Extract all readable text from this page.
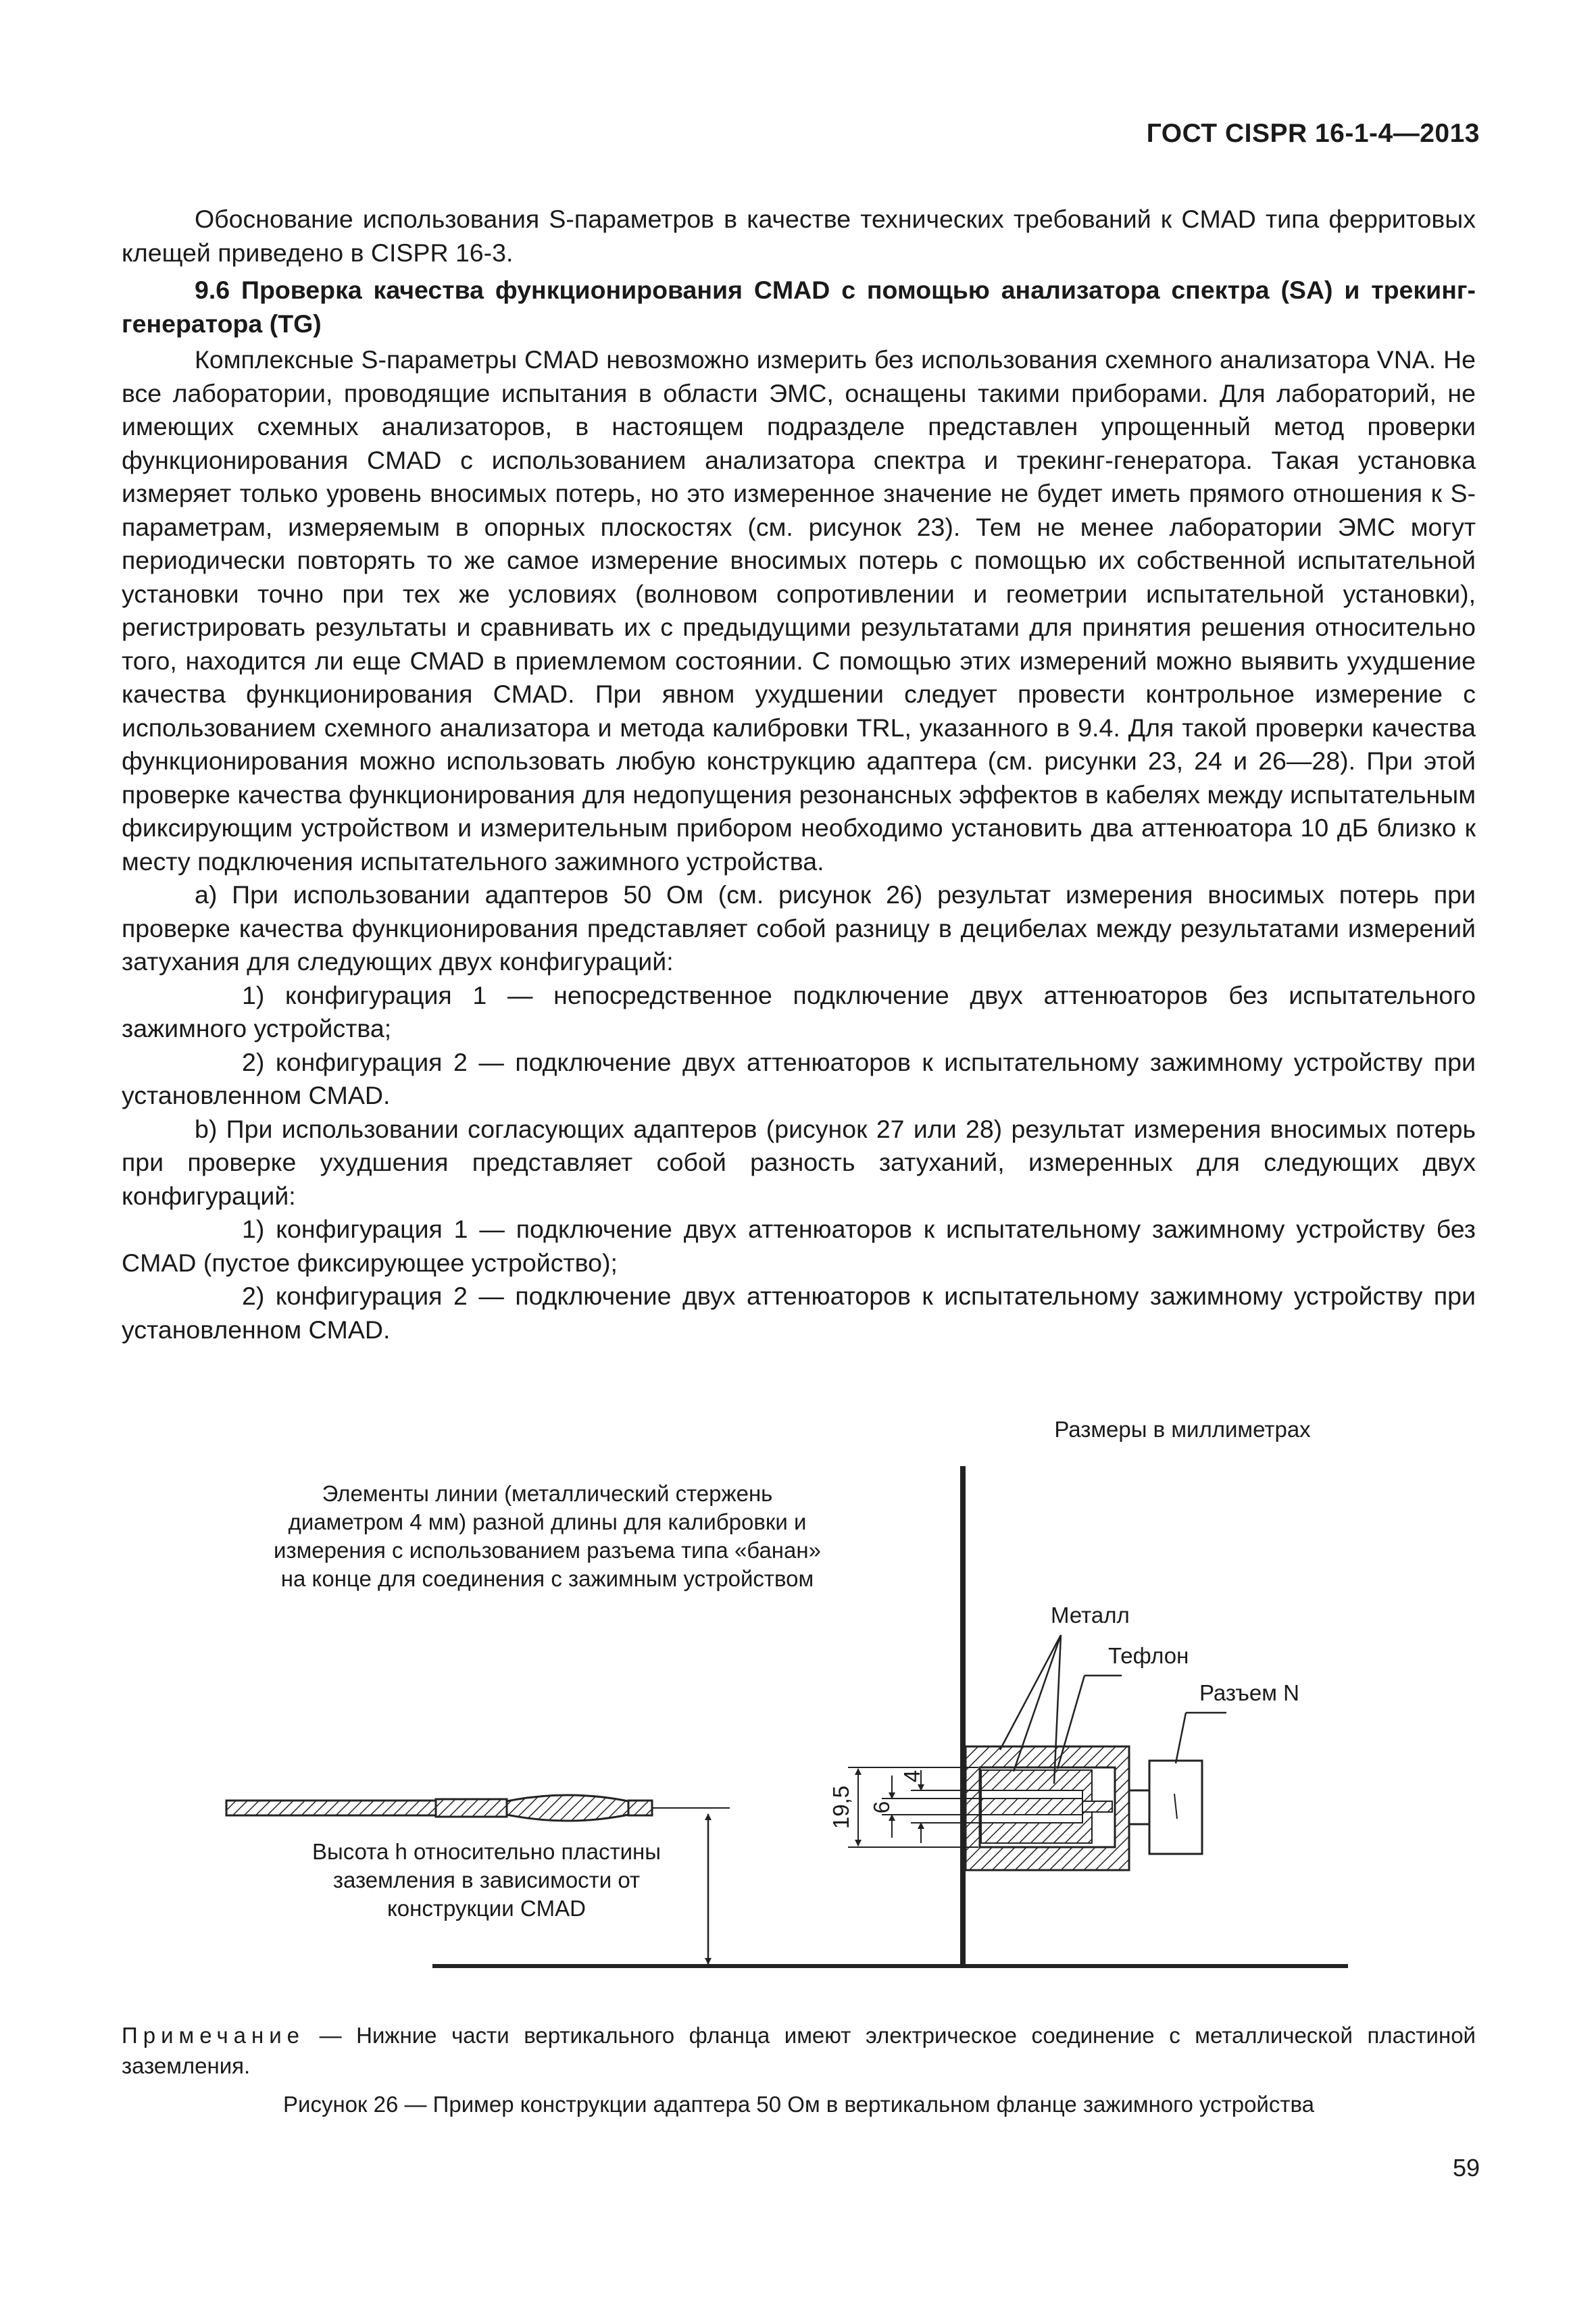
ГОСТ CISPR 16-1-4—2013

Обоснование использования S-параметров в качестве технических требований к CMAD типа ферритовых клещей приведено в CISPR 16-3.

9.6 Проверка качества функционирования CMAD с помощью анализатора спектра (SA) и трекинг-генератора (TG)

Комплексные S-параметры CMAD невозможно измерить без использования схемного анализатора VNA. Не все лаборатории, проводящие испытания в области ЭМС, оснащены такими приборами. Для лабораторий, не имеющих схемных анализаторов, в настоящем подразделе представлен упрощенный метод проверки функционирования CMAD с использованием анализатора спектра и трекинг-генератора. Такая установка измеряет только уровень вносимых потерь, но это измеренное значение не будет иметь прямого отношения к S-параметрам, измеряемым в опорных плоскостях (см. рисунок 23). Тем не менее лаборатории ЭМС могут периодически повторять то же самое измерение вносимых потерь с помощью их собственной испытательной установки точно при тех же условиях (волновом сопротивлении и геометрии испытательной установки), регистрировать результаты и сравнивать их с предыдущими результатами для принятия решения относительно того, находится ли еще CMAD в приемлемом состоянии. С помощью этих измерений можно выявить ухудшение качества функционирования CMAD. При явном ухудшении следует провести контрольное измерение с использованием схемного анализатора и метода калибровки TRL, указанного в 9.4. Для такой проверки качества функционирования можно использовать любую конструкцию адаптера (см. рисунки 23, 24 и 26—28). При этой проверке качества функционирования для недопущения резонансных эффектов в кабелях между испытательным фиксирующим устройством и измерительным прибором необходимо установить два аттенюатора 10 дБ близко к месту подключения испытательного зажимного устройства.

a) При использовании адаптеров 50 Ом (см. рисунок 26) результат измерения вносимых потерь при проверке качества функционирования представляет собой разницу в децибелах между результатами измерений затухания для следующих двух конфигураций:

1) конфигурация 1 — непосредственное подключение двух аттенюаторов без испытательного зажимного устройства;

2) конфигурация 2 — подключение двух аттенюаторов к испытательному зажимному устройству при установленном CMAD.

b) При использовании согласующих адаптеров (рисунок 27 или 28) результат измерения вносимых потерь при проверке ухудшения представляет собой разность затуханий, измеренных для следующих двух конфигураций:

1) конфигурация 1 — подключение двух аттенюаторов к испытательному зажимному устройству без CMAD (пустое фиксирующее устройство);

2) конфигурация 2 — подключение двух аттенюаторов к испытательному зажимному устройству при установленном CMAD.

Размеры в миллиметрах
Элементы линии (металлический стержень диаметром 4 мм) разной длины для калибровки и измерения с использованием разъема типа «банан» на конце для соединения с зажимным устройством
Металл
Тефлон
Разъем N
19,5 6
4
Высота h относительно пластины заземления в зависимости от конструкции CMAD
Примечание — Нижние части вертикального фланца имеют электрическое соединение с металлической пластиной заземления.
Рисунок 26 — Пример конструкции адаптера 50 Ом в вертикальном фланце зажимного устройства
59
